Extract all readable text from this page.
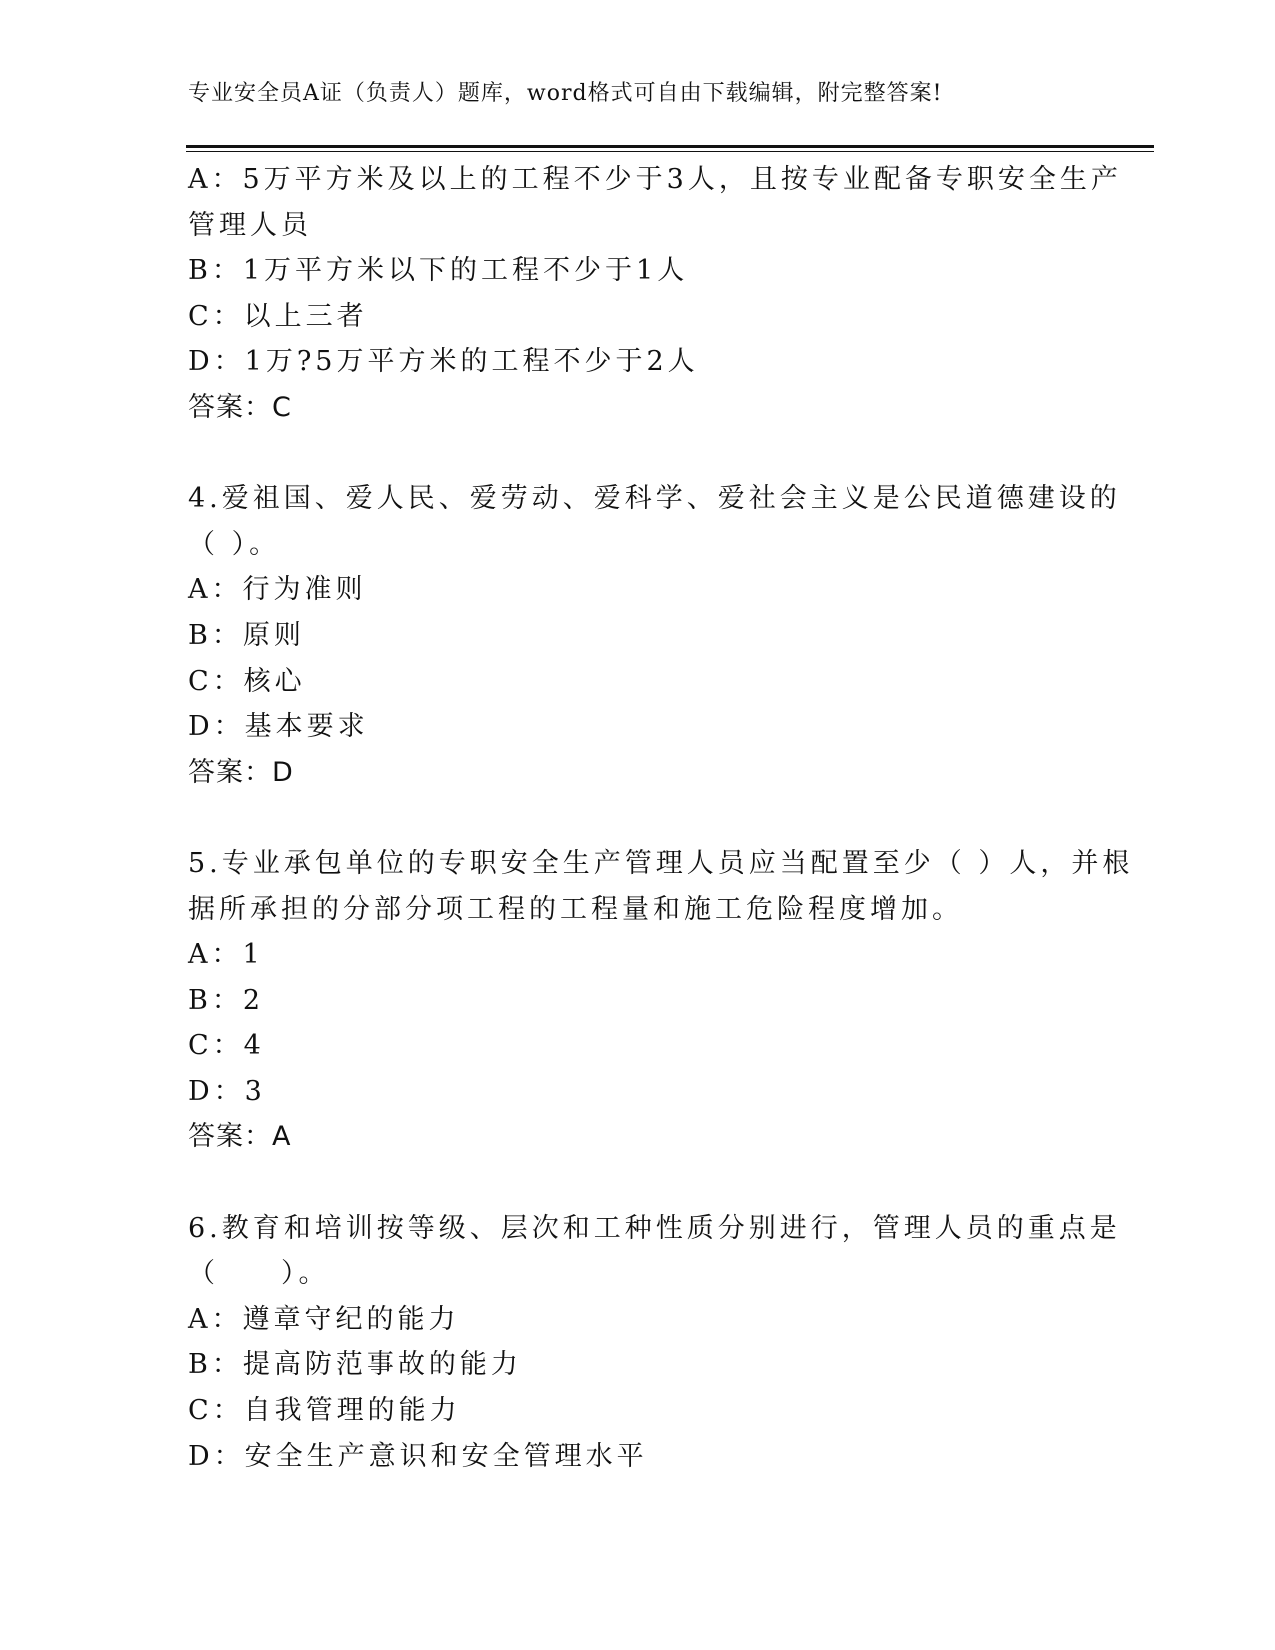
专业安全员A证（负责人）题库，word格式可自由下载编辑，附完整答案!
A：5万平方米及以上的工程不少于3人，且按专业配备专职安全生产
管理人员
B：1万平方米以下的工程不少于1人
C：以上三者
D：1万?5万平方米的工程不少于2人
答案：C
4.爱祖国、爱人民、爱劳动、爱科学、爱社会主义是公民道德建设的
（ ）。
A：行为准则
B：原则
C：核心
D：基本要求
答案：D
5.专业承包单位的专职安全生产管理人员应当配置至少（ ）人，并根
据所承担的分部分项工程的工程量和施工危险程度增加。
A：1
B：2
C：4
D：3
答案：A
6.教育和培训按等级、层次和工种性质分别进行，管理人员的重点是
（　　）。
A：遵章守纪的能力
B：提高防范事故的能力
C：自我管理的能力
D：安全生产意识和安全管理水平
